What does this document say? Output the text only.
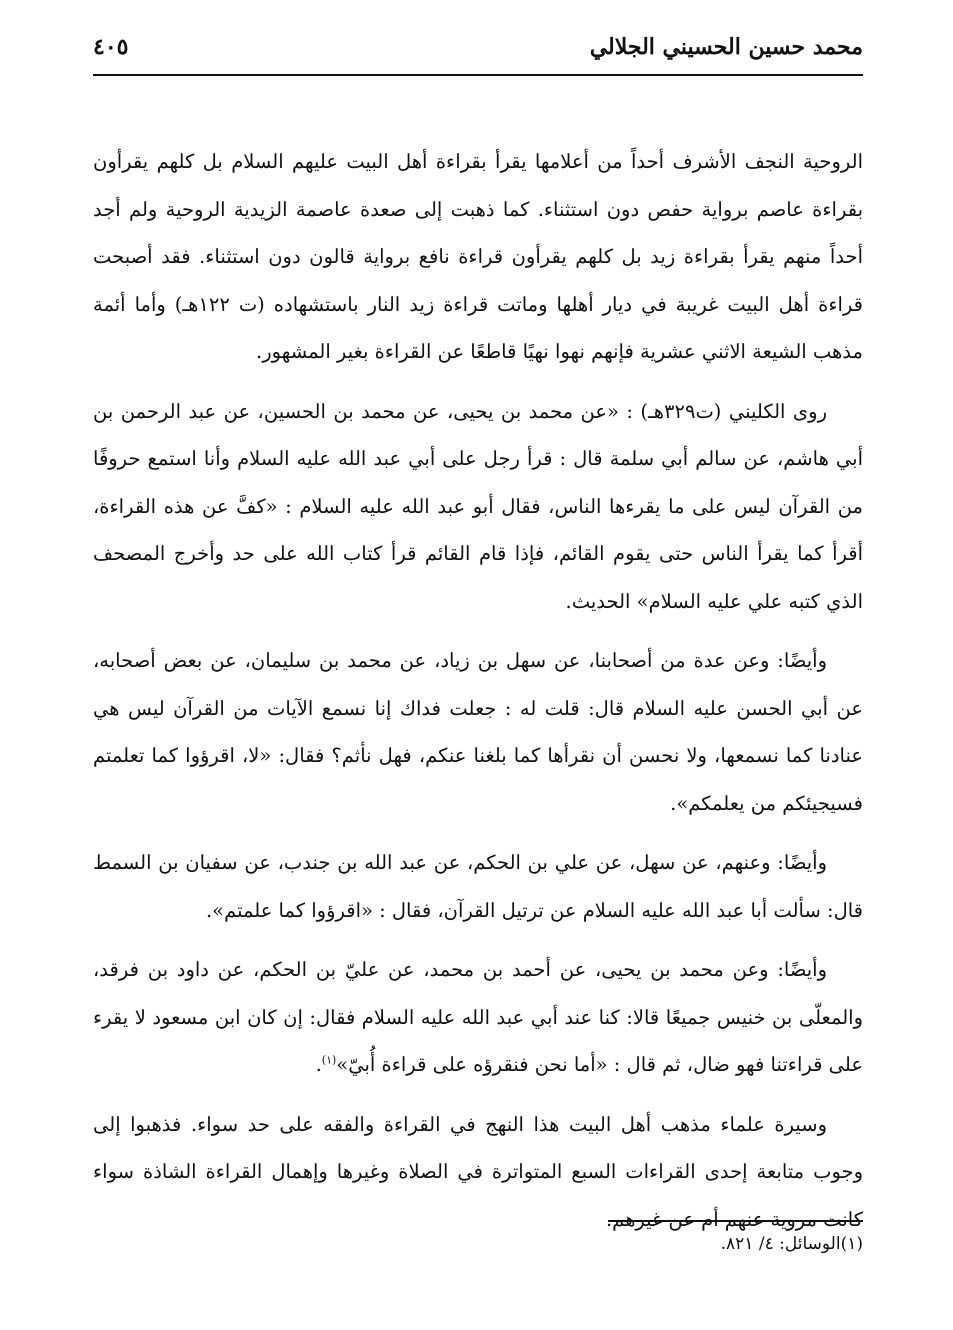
محمد حسين الحسيني الجلالي
٤٠٥

الروحية النجف الأشرف أحداً من أعلامها يقرأ بقراءة أهل البيت عليهم السلام بل كلهم يقرأون بقراءة عاصم برواية حفص دون استثناء. كما ذهبت إلى صعدة عاصمة الزيدية الروحية ولم أجد أحداً منهم يقرأ بقراءة زيد بل كلهم يقرأون قراءة نافع برواية قالون دون استثناء. فقد أصبحت قراءة أهل البيت غريبة في ديار أهلها وماتت قراءة زيد النار باستشهاده (ت ١٢٢هـ) وأما أئمة مذهب الشيعة الاثني عشرية فإنهم نهوا نهيًا قاطعًا عن القراءة بغير المشهور.

روى الكليني (ت٣٢٩هـ) : «عن محمد بن يحيى، عن محمد بن الحسين، عن عبد الرحمن بن أبي هاشم، عن سالم أبي سلمة قال : قرأ رجل على أبي عبد الله عليه السلام وأنا استمع حروفًا من القرآن ليس على ما يقرءها الناس، فقال أبو عبد الله عليه السلام : «كفَّ عن هذه القراءة، أقرأ كما يقرأ الناس حتى يقوم القائم، فإذا قام القائم قرأ كتاب الله على حد وأخرج المصحف الذي كتبه علي عليه السلام» الحديث.

وأيضًا: وعن عدة من أصحابنا، عن سهل بن زياد، عن محمد بن سليمان، عن بعض أصحابه، عن أبي الحسن عليه السلام قال: قلت له : جعلت فداك إنا نسمع الآيات من القرآن ليس هي عنادنا كما نسمعها، ولا نحسن أن نقرأها كما بلغنا عنكم، فهل نأثم؟ فقال: «لا، اقرؤوا كما تعلمتم فسيجيئكم من يعلمكم».

وأيضًا: وعنهم، عن سهل، عن علي بن الحكم، عن عبد الله بن جندب، عن سفيان بن السمط قال: سألت أبا عبد الله عليه السلام عن ترتيل القرآن، فقال : «اقرؤوا كما علمتم».

وأيضًا: وعن محمد بن يحيى، عن أحمد بن محمد، عن عليّ بن الحكم، عن داود بن فرقد، والمعلّى بن خنيس جميعًا قالا: كنا عند أبي عبد الله عليه السلام فقال: إن كان ابن مسعود لا يقرء على قراءتنا فهو ضال، ثم قال : «أما نحن فنقرؤه على قراءة أُبيّ»$^{(١)}$.

وسيرة علماء مذهب أهل البيت هذا النهج في القراءة والفقه على حد سواء. فذهبوا إلى وجوب متابعة إحدى القراءات السبع المتواترة في الصلاة وغيرها وإهمال القراءة الشاذة سواء كانت مروية عنهم أم عن غيرهم.

(١)الوسائل: ٤/ ٨٢١.
